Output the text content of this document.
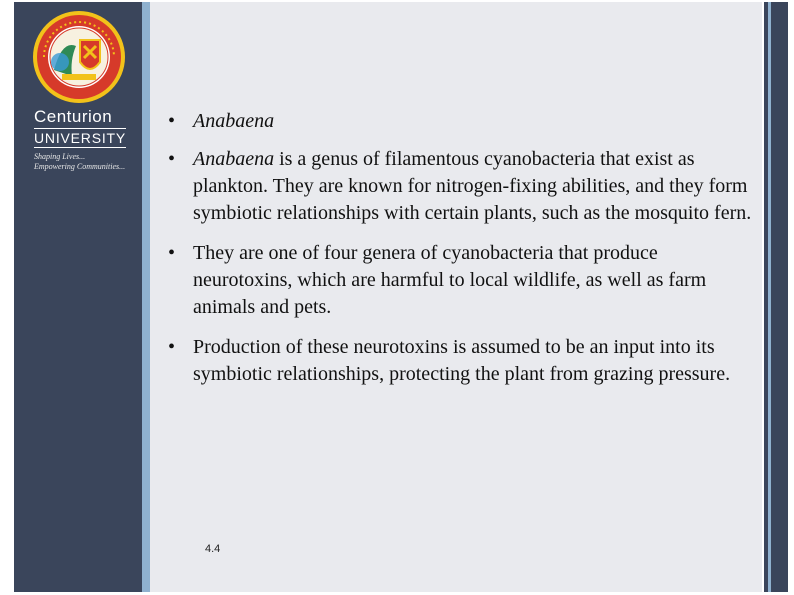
Centurion
UNIVERSITY
Shaping Lives...
Empowering Communities...
• Anabaena
• Anabaena is a genus of filamentous cyanobacteria that exist as plankton. They are known for nitrogen-fixing abilities, and they form symbiotic relationships with certain plants, such as the mosquito fern.
• They are one of four genera of cyanobacteria that produce neurotoxins, which are harmful to local wildlife, as well as farm animals and pets.
• Production of these neurotoxins is assumed to be an input into its symbiotic relationships, protecting the plant from grazing pressure.
4.4
